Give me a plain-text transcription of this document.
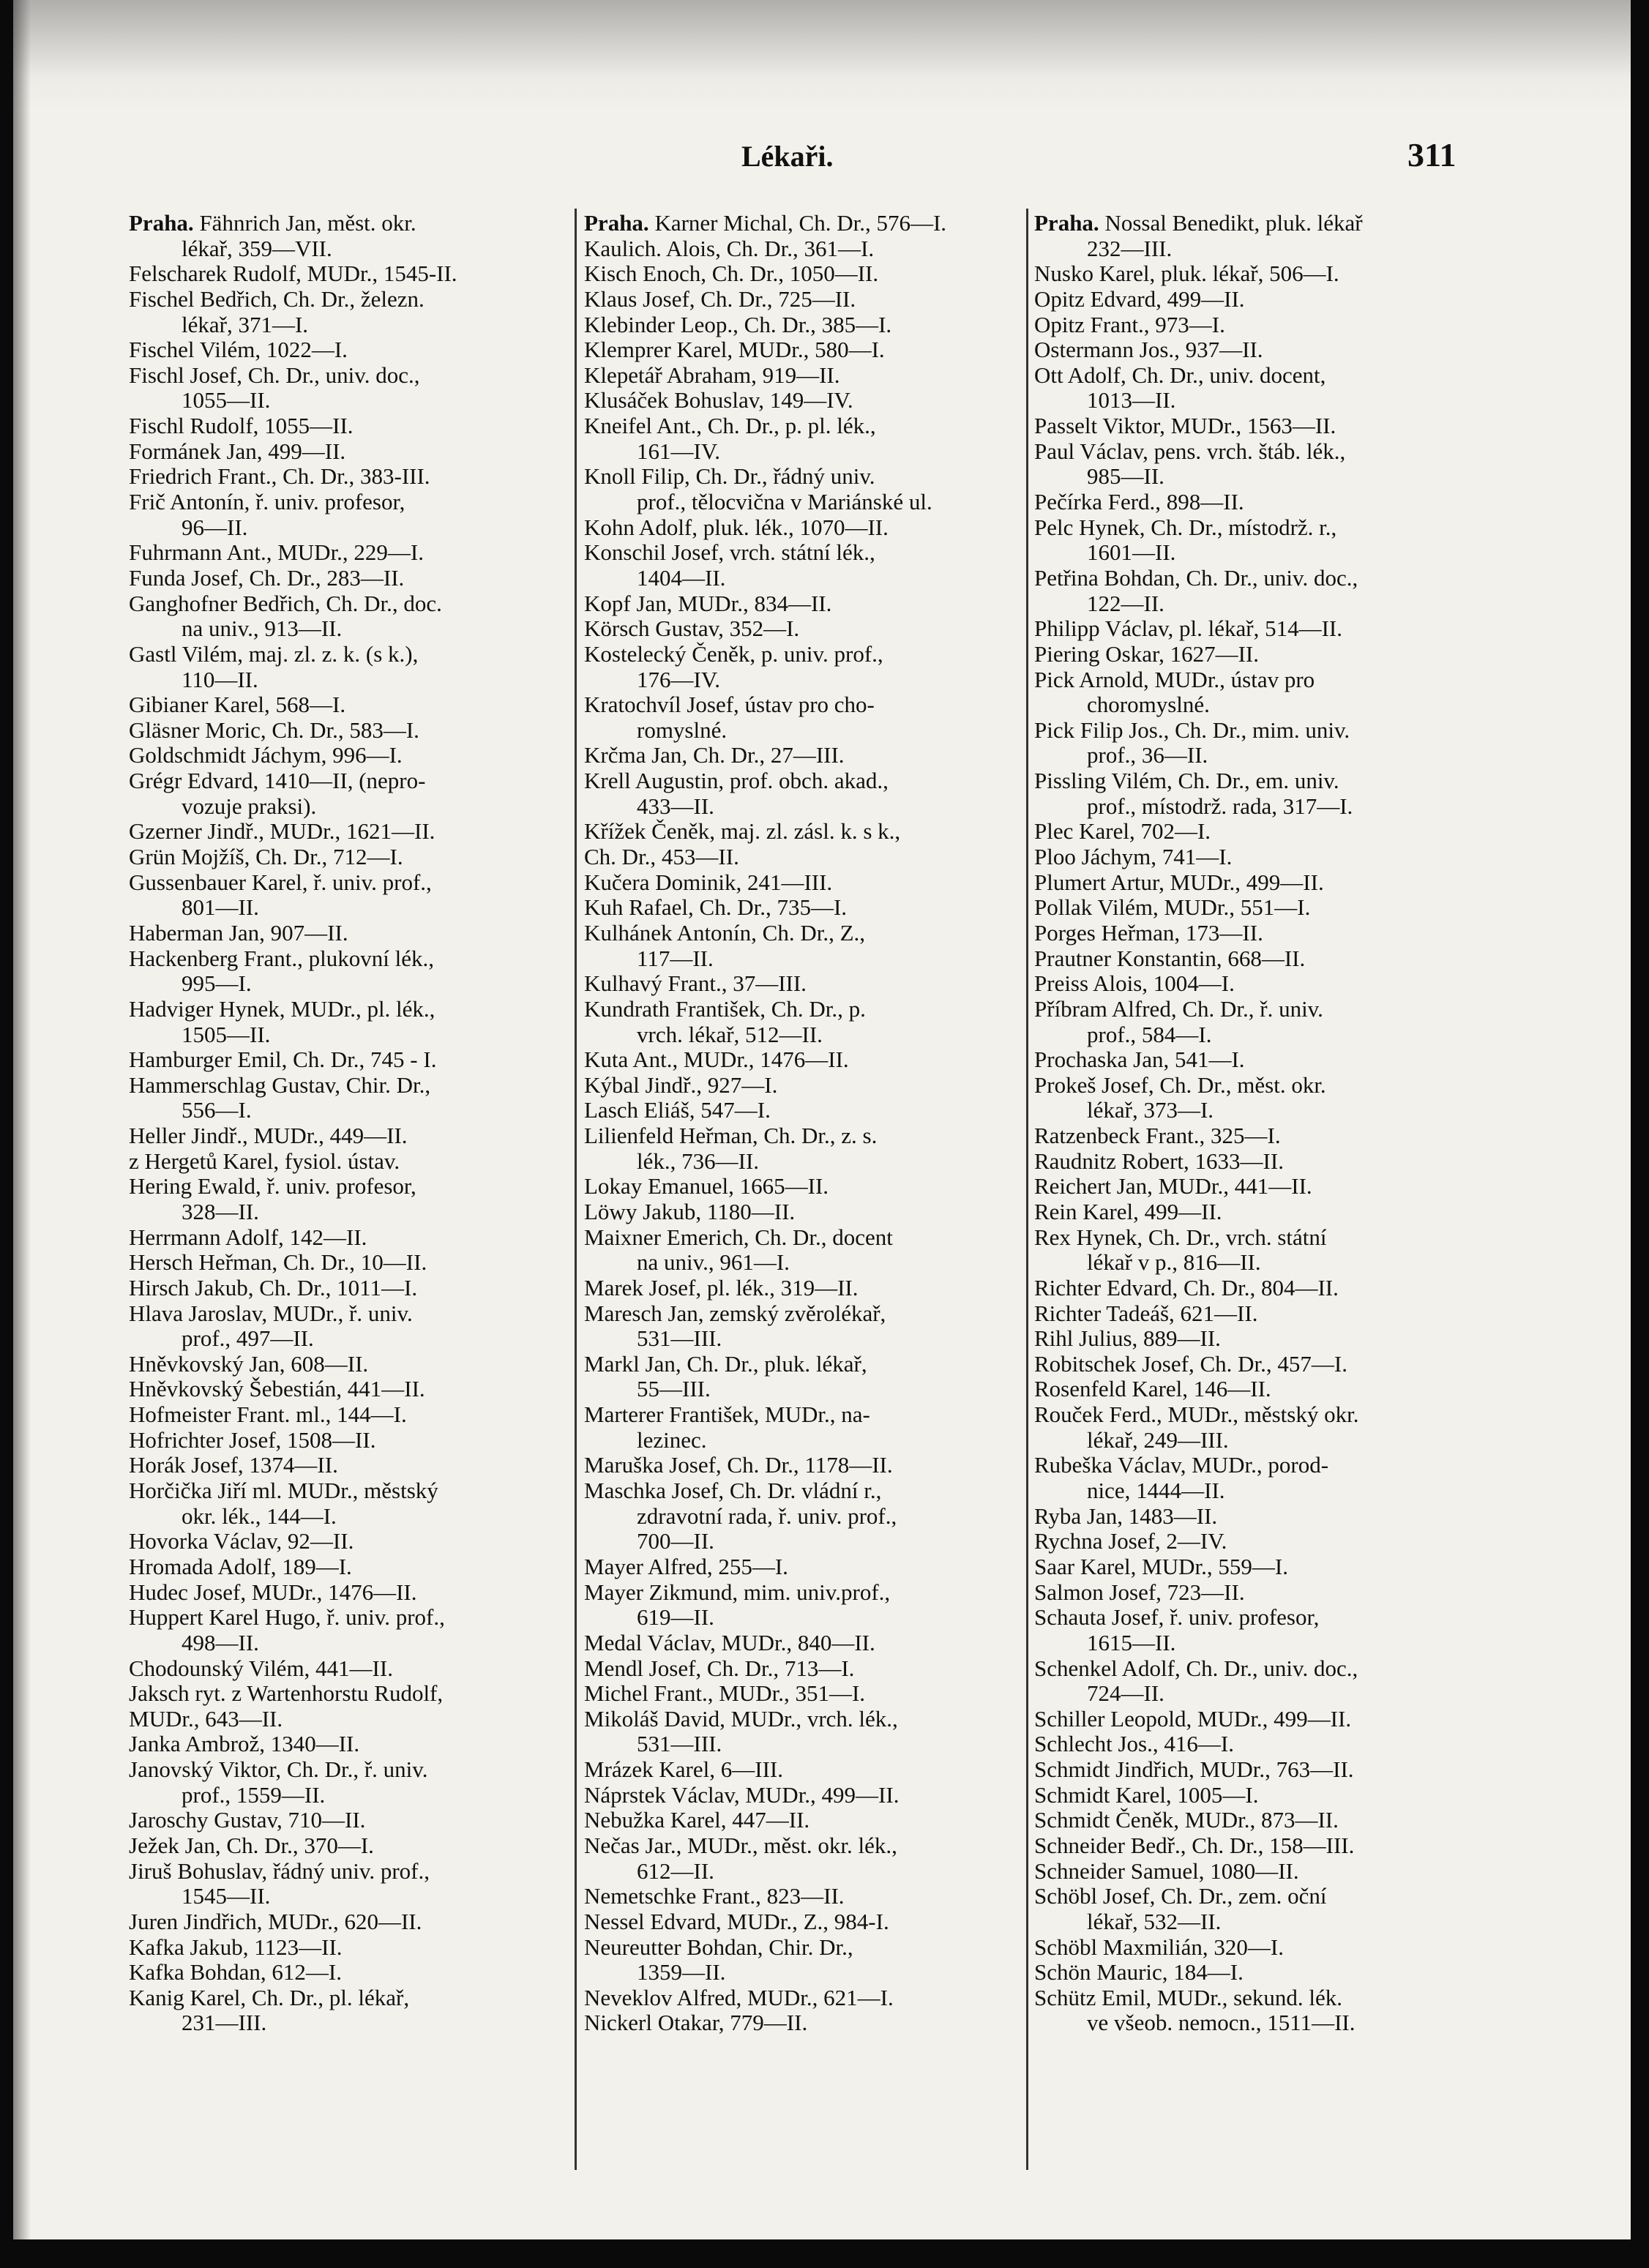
Lékaři.	311
Praha. Fähnrich Jan, měst. okr.
lékař, 359—VII.
Felscharek Rudolf, MUDr., 1545-II.
Fischel Bedřich, Ch. Dr., železn.
lékař, 371—I.
Fischel Vilém, 1022—I.
Fischl Josef, Ch. Dr., univ. doc.,
1055—II.
Fischl Rudolf, 1055—II.
Formánek Jan, 499—II.
Friedrich Frant., Ch. Dr., 383-III.
Frič Antonín, ř. univ. profesor,
96—II.
Fuhrmann Ant., MUDr., 229—I.
Funda Josef, Ch. Dr., 283—II.
Ganghofner Bedřich, Ch. Dr., doc.
na univ., 913—II.
Gastl Vilém, maj. zl. z. k. (s k.),
110—II.
Gibianer Karel, 568—I.
Gläsner Moric, Ch. Dr., 583—I.
Goldschmidt Jáchym, 996—I.
Grégr Edvard, 1410—II, (nepro-
vozuje praksi).
Gzerner Jindř., MUDr., 1621—II.
Grün Mojžíš, Ch. Dr., 712—I.
Gussenbauer Karel, ř. univ. prof.,
801—II.
Haberman Jan, 907—II.
Hackenberg Frant., plukovní lék.,
995—I.
Hadviger Hynek, MUDr., pl. lék.,
1505—II.
Hamburger Emil, Ch. Dr., 745 - I.
Hammerschlag Gustav, Chir. Dr.,
556—I.
Heller Jindř., MUDr., 449—II.
z Hergetů Karel, fysiol. ústav.
Hering Ewald, ř. univ. profesor,
328—II.
Herrmann Adolf, 142—II.
Hersch Heřman, Ch. Dr., 10—II.
Hirsch Jakub, Ch. Dr., 1011—I.
Hlava Jaroslav, MUDr., ř. univ.
prof., 497—II.
Hněvkovský Jan, 608—II.
Hněvkovský Šebestián, 441—II.
Hofmeister Frant. ml., 144—I.
Hofrichter Josef, 1508—II.
Horák Josef, 1374—II.
Horčička Jiří ml. MUDr., městský
okr. lék., 144—I.
Hovorka Václav, 92—II.
Hromada Adolf, 189—I.
Hudec Josef, MUDr., 1476—II.
Huppert Karel Hugo, ř. univ. prof.,
498—II.
Chodounský Vilém, 441—II.
Jaksch ryt. z Wartenhorstu Rudolf,
MUDr., 643—II.
Janka Ambrož, 1340—II.
Janovský Viktor, Ch. Dr., ř. univ.
prof., 1559—II.
Jaroschy Gustav, 710—II.
Ježek Jan, Ch. Dr., 370—I.
Jiruš Bohuslav, řádný univ. prof.,
1545—II.
Juren Jindřich, MUDr., 620—II.
Kafka Jakub, 1123—II.
Kafka Bohdan, 612—I.
Kanig Karel, Ch. Dr., pl. lékař,
231—III.
Praha. Karner Michal, Ch. Dr., 576—I.
Kaulich. Alois, Ch. Dr., 361—I.
Kisch Enoch, Ch. Dr., 1050—II.
Klaus Josef, Ch. Dr., 725—II.
Klebinder Leop., Ch. Dr., 385—I.
Klemprer Karel, MUDr., 580—I.
Klepetář Abraham, 919—II.
Klusáček Bohuslav, 149—IV.
Kneifel Ant., Ch. Dr., p. pl. lék.,
161—IV.
Knoll Filip, Ch. Dr., řádný univ.
prof., tělocvična v Mariánské ul.
Kohn Adolf, pluk. lék., 1070—II.
Konschil Josef, vrch. státní lék.,
1404—II.
Kopf Jan, MUDr., 834—II.
Körsch Gustav, 352—I.
Kostelecký Čeněk, p. univ. prof.,
176—IV.
Kratochvíl Josef, ústav pro cho-
romyslné.
Krčma Jan, Ch. Dr., 27—III.
Krell Augustin, prof. obch. akad.,
433—II.
Křížek Čeněk, maj. zl. zásl. k. s k.,
Ch. Dr., 453—II.
Kučera Dominik, 241—III.
Kuh Rafael, Ch. Dr., 735—I.
Kulhánek Antonín, Ch. Dr., Z.,
117—II.
Kulhavý Frant., 37—III.
Kundrath František, Ch. Dr., p.
vrch. lékař, 512—II.
Kuta Ant., MUDr., 1476—II.
Kýbal Jindř., 927—I.
Lasch Eliáš, 547—I.
Lilienfeld Heřman, Ch. Dr., z. s.
lék., 736—II.
Lokay Emanuel, 1665—II.
Löwy Jakub, 1180—II.
Maixner Emerich, Ch. Dr., docent
na univ., 961—I.
Marek Josef, pl. lék., 319—II.
Maresch Jan, zemský zvěrolékař,
531—III.
Markl Jan, Ch. Dr., pluk. lékař,
55—III.
Marterer František, MUDr., na-
lezinec.
Maruška Josef, Ch. Dr., 1178—II.
Maschka Josef, Ch. Dr. vládní r.,
zdravotní rada, ř. univ. prof.,
700—II.
Mayer Alfred, 255—I.
Mayer Zikmund, mim. univ.prof.,
619—II.
Medal Václav, MUDr., 840—II.
Mendl Josef, Ch. Dr., 713—I.
Michel Frant., MUDr., 351—I.
Mikoláš David, MUDr., vrch. lék.,
531—III.
Mrázek Karel, 6—III.
Náprstek Václav, MUDr., 499—II.
Nebužka Karel, 447—II.
Nečas Jar., MUDr., měst. okr. lék.,
612—II.
Nemetschke Frant., 823—II.
Nessel Edvard, MUDr., Z., 984-I.
Neureutter Bohdan, Chir. Dr.,
1359—II.
Neveklov Alfred, MUDr., 621—I.
Nickerl Otakar, 779—II.
Praha. Nossal Benedikt, pluk. lékař
232—III.
Nusko Karel, pluk. lékař, 506—I.
Opitz Edvard, 499—II.
Opitz Frant., 973—I.
Ostermann Jos., 937—II.
Ott Adolf, Ch. Dr., univ. docent,
1013—II.
Passelt Viktor, MUDr., 1563—II.
Paul Václav, pens. vrch. štáb. lék.,
985—II.
Pečírka Ferd., 898—II.
Pelc Hynek, Ch. Dr., místodrž. r.,
1601—II.
Petřina Bohdan, Ch. Dr., univ. doc.,
122—II.
Philipp Václav, pl. lékař, 514—II.
Piering Oskar, 1627—II.
Pick Arnold, MUDr., ústav pro
choromyslné.
Pick Filip Jos., Ch. Dr., mim. univ.
prof., 36—II.
Pissling Vilém, Ch. Dr., em. univ.
prof., místodrž. rada, 317—I.
Plec Karel, 702—I.
Ploo Jáchym, 741—I.
Plumert Artur, MUDr., 499—II.
Pollak Vilém, MUDr., 551—I.
Porges Heřman, 173—II.
Prautner Konstantin, 668—II.
Preiss Alois, 1004—I.
Příbram Alfred, Ch. Dr., ř. univ.
prof., 584—I.
Prochaska Jan, 541—I.
Prokeš Josef, Ch. Dr., měst. okr.
lékař, 373—I.
Ratzenbeck Frant., 325—I.
Raudnitz Robert, 1633—II.
Reichert Jan, MUDr., 441—II.
Rein Karel, 499—II.
Rex Hynek, Ch. Dr., vrch. státní
lékař v p., 816—II.
Richter Edvard, Ch. Dr., 804—II.
Richter Tadeáš, 621—II.
Rihl Julius, 889—II.
Robitschek Josef, Ch. Dr., 457—I.
Rosenfeld Karel, 146—II.
Rouček Ferd., MUDr., městský okr.
lékař, 249—III.
Rubeška Václav, MUDr., porod-
nice, 1444—II.
Ryba Jan, 1483—II.
Rychna Josef, 2—IV.
Saar Karel, MUDr., 559—I.
Salmon Josef, 723—II.
Schauta Josef, ř. univ. profesor,
1615—II.
Schenkel Adolf, Ch. Dr., univ. doc.,
724—II.
Schiller Leopold, MUDr., 499—II.
Schlecht Jos., 416—I.
Schmidt Jindřich, MUDr., 763—II.
Schmidt Karel, 1005—I.
Schmidt Čeněk, MUDr., 873—II.
Schneider Bedř., Ch. Dr., 158—III.
Schneider Samuel, 1080—II.
Schöbl Josef, Ch. Dr., zem. oční
lékař, 532—II.
Schöbl Maxmilián, 320—I.
Schön Mauric, 184—I.
Schütz Emil, MUDr., sekund. lék.
ve všeob. nemocn., 1511—II.
